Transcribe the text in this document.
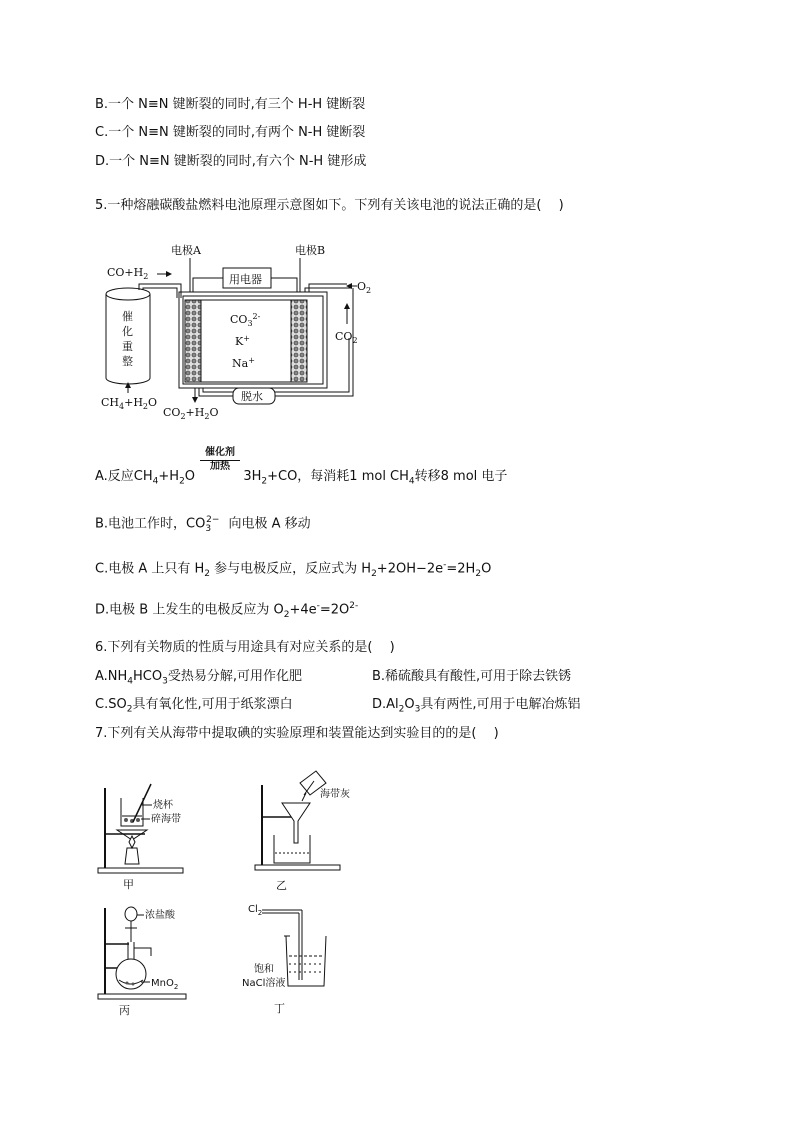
B.一个 N≡N 键断裂的同时,有三个 H-H 键断裂
C.一个 N≡N 键断裂的同时,有两个 N-H 键断裂
D.一个 N≡N 键断裂的同时,有六个 N-H 键形成
5.一种熔融碳酸盐燃料电池原理示意图如下。下列有关该电池的说法正确的是(　 )
催
化
重
整
$CO+H_2$
$CH_4+H_2O$
$CO_3^{2-}$
K+
Na+
电极A	电极B
用电器
$O_2$
$CO_2$
$CO_2+H_2O$
脱水
A.反应$CH_4+H_2O$	$3H_2+CO$，每消耗1 mol $CH_4$转移8 mol 电子
催化剂
加热
B.电池工作时，$CO_3^{2-}$ 向电极 A 移动
C.电极 A 上只有 $H_2$ 参与电极反应，反应式为 $H_2+2OH-2e^-=2H_2O$
D.电极 B 上发生的电极反应为 $O_2+4e^-=2O^{2-}$
6.下列有关物质的性质与用途具有对应关系的是(　 )
$A.NH_4HCO_3$受热易分解,可用作化肥	B.稀硫酸具有酸性,可用于除去铁锈
$C.SO_2$具有氧化性,可用于纸浆漂白	$D.Al_2O_3$具有两性,可用于电解冶炼铝
7.下列有关从海带中提取碘的实验原理和装置能达到实验目的的是(　 )
烧杯
碎海带
甲
海带灰
乙
浓盐酸
MnO$_2$
丙
$Cl_2$
饱和
NaCl溶液
丁
